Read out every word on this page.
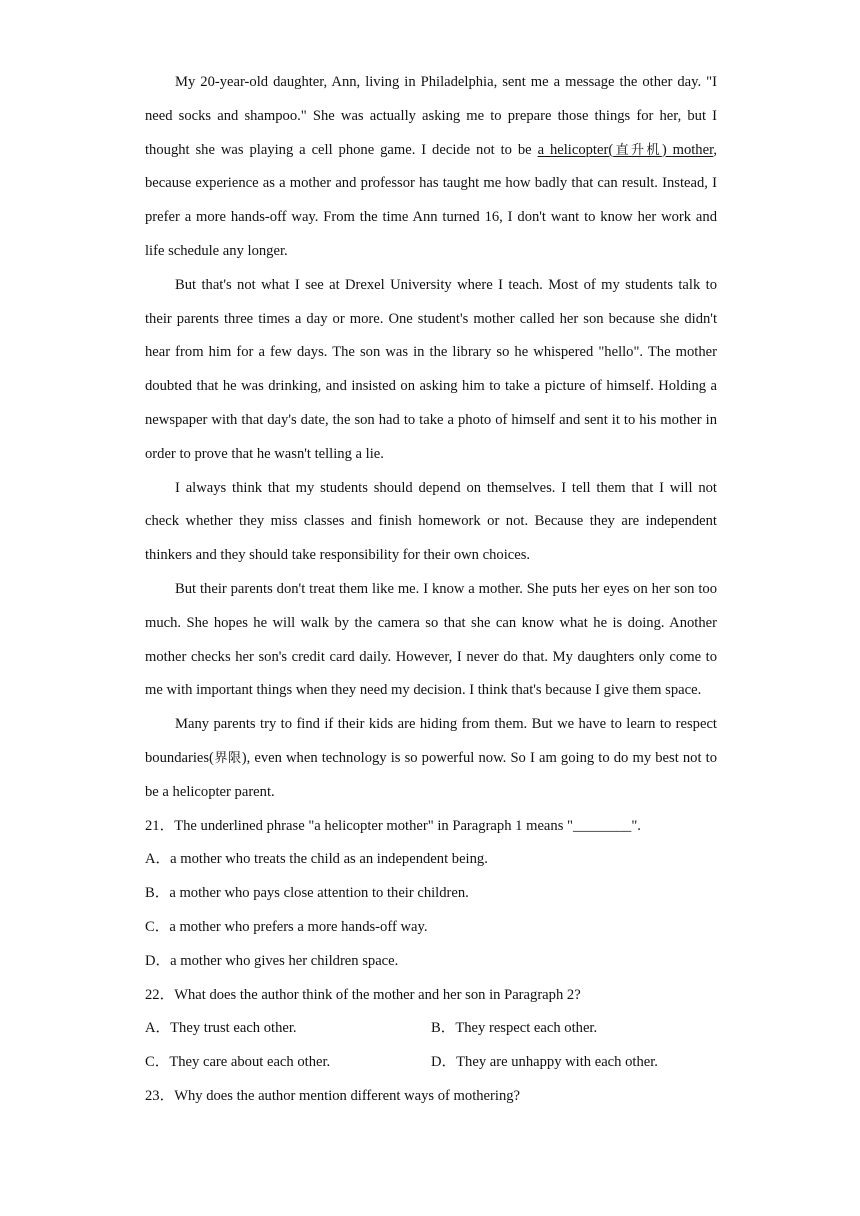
My 20-year-old daughter, Ann, living in Philadelphia, sent me a message the other day. "I need socks and shampoo." She was actually asking me to prepare those things for her, but I thought she was playing a cell phone game. I decide not to be a helicopter(直升机) mother, because experience as a mother and professor has taught me how badly that can result. Instead, I prefer a more hands-off way. From the time Ann turned 16, I don't want to know her work and life schedule any longer.

But that's not what I see at Drexel University where I teach. Most of my students talk to their parents three times a day or more. One student's mother called her son because she didn't hear from him for a few days. The son was in the library so he whispered "hello". The mother doubted that he was drinking, and insisted on asking him to take a picture of himself. Holding a newspaper with that day's date, the son had to take a photo of himself and sent it to his mother in order to prove that he wasn't telling a lie.

I always think that my students should depend on themselves. I tell them that I will not check whether they miss classes and finish homework or not. Because they are independent thinkers and they should take responsibility for their own choices.

But their parents don't treat them like me. I know a mother. She puts her eyes on her son too much. She hopes he will walk by the camera so that she can know what he is doing. Another mother checks her son's credit card daily. However, I never do that. My daughters only come to me with important things when they need my decision. I think that's because I give them space.

Many parents try to find if their kids are hiding from them. But we have to learn to respect boundaries(界限), even when technology is so powerful now. So I am going to do my best not to be a helicopter parent.

21．The underlined phrase "a helicopter mother" in Paragraph 1 means "________".

A．a mother who treats the child as an independent being.

B．a mother who pays close attention to their children.

C．a mother who prefers a more hands-off way.

D．a mother who gives her children space.

22．What does the author think of the mother and her son in Paragraph 2?

A．They trust each other.	B．They respect each other.
C．They care about each other.	D．They are unhappy with each other.

23．Why does the author mention different ways of mothering?
